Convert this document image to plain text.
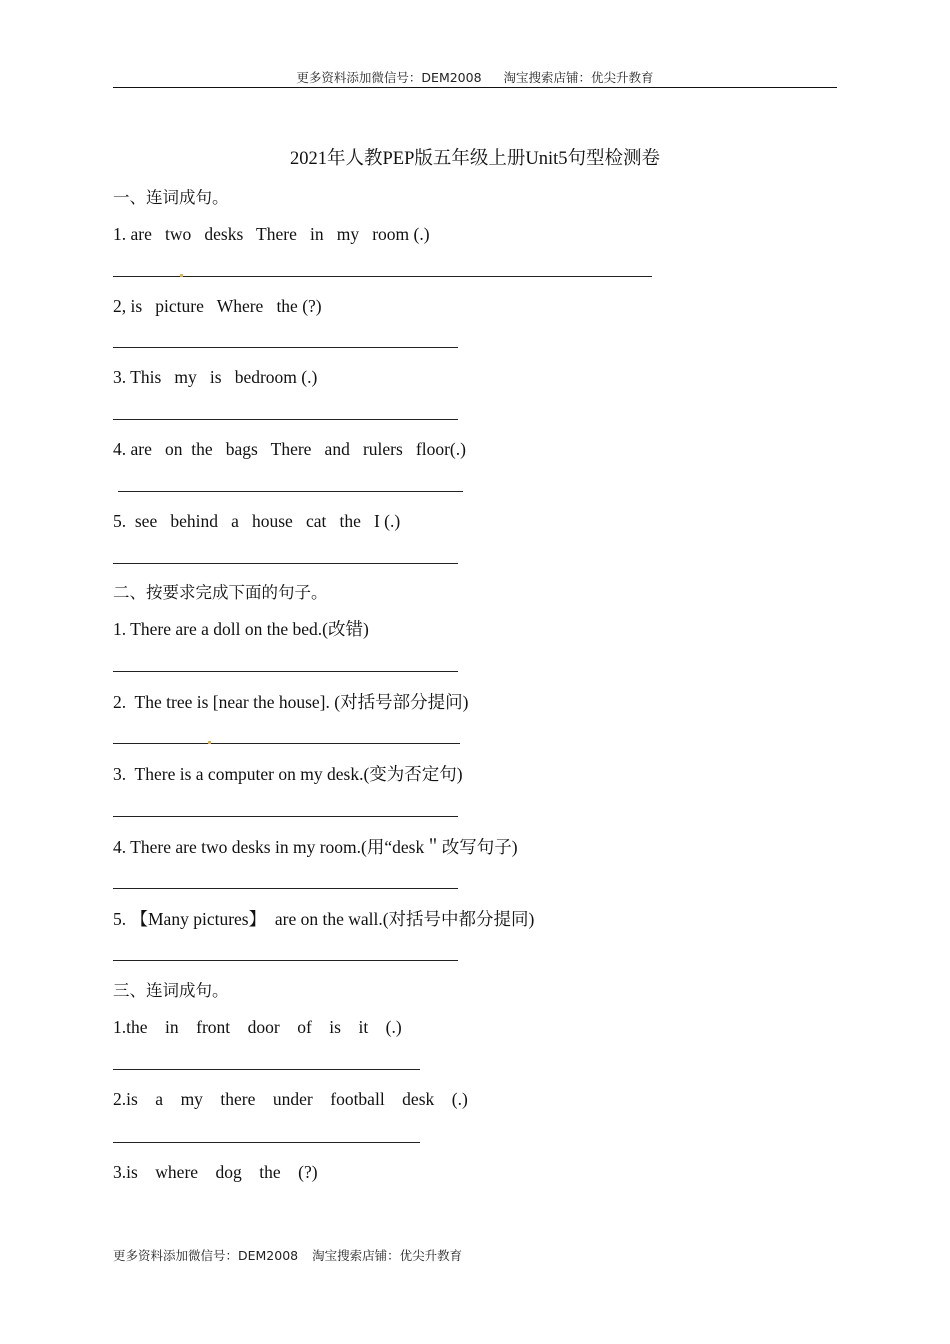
更多资料添加微信号：DEM2008 淘宝搜索店铺：优尖升教育
2021年人教PEP版五年级上册Unit5句型检测卷
一、连词成句。
1. are   two   desks   There   in   my   room (.)
2, is   picture   Where   the (?)
3. This   my   is   bedroom (.)
4. are   on  the   bags   There   and   rulers   floor(.)
5.  see   behind   a   house   cat   the   I (.)
二、按要求完成下面的句子。
1. There are a doll on the bed.(改错)
2.  The tree is [near the house]. (对括号部分提问)
3.  There is a computer on my desk.(变为否定句)
4. There are two desks in my room.(用“desk＂改写句子)
5. 【Many pictures】  are on the wall.(对括号中都分提同)
三、连词成句。
1.the    in    front    door    of    is    it    (.)
2.is    a    my    there    under    football    desk    (.)
3.is    where    dog    the    (?)
更多资料添加微信号：DEM2008 淘宝搜索店铺：优尖升教育
